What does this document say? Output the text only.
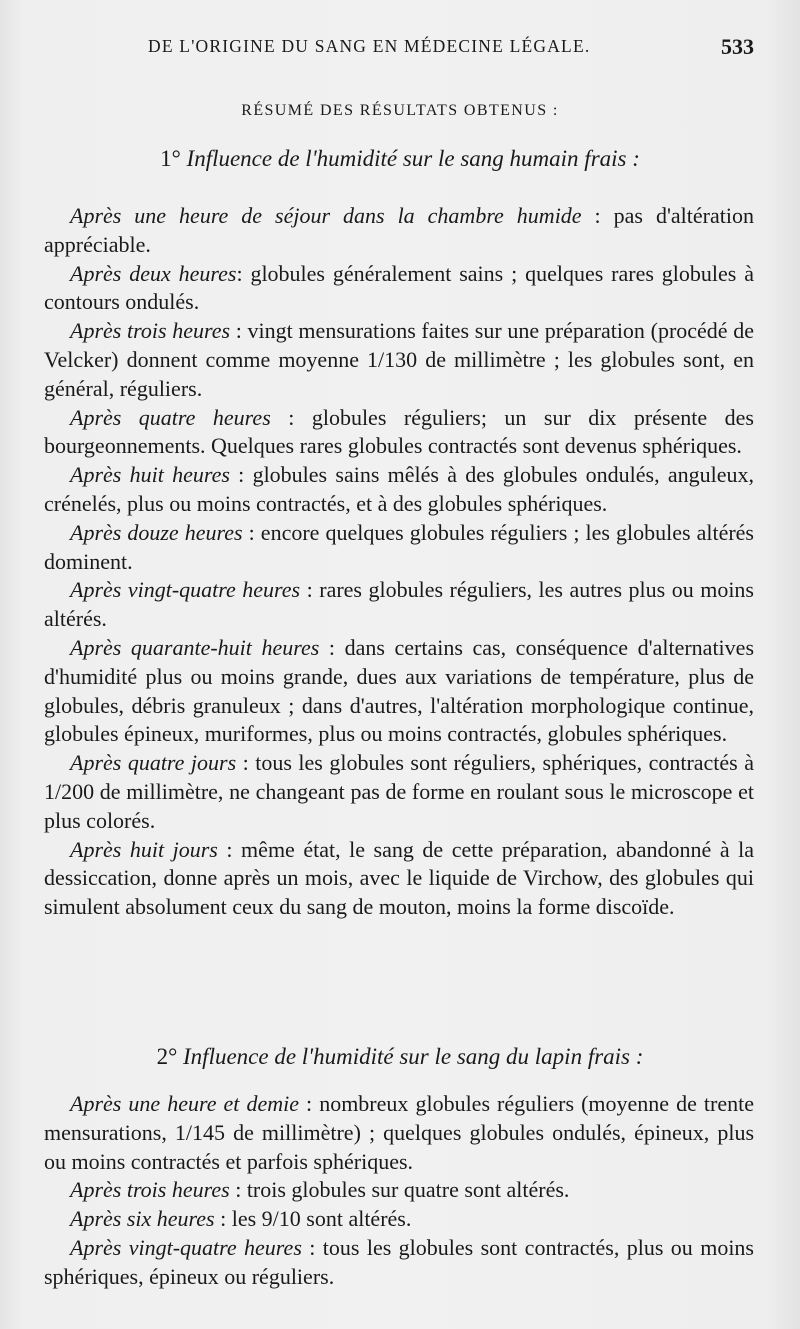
DE L'ORIGINE DU SANG EN MÉDECINE LÉGALE.	533
RÉSUMÉ DES RÉSULTATS OBTENUS :
1° Influence de l'humidité sur le sang humain frais :

Après une heure de séjour dans la chambre humide : pas d'altération appréciable.

Après deux heures: globules généralement sains ; quelques rares globules à contours ondulés.

Après trois heures : vingt mensurations faites sur une préparation (procédé de Velcker) donnent comme moyenne 1/130 de millimètre ; les globules sont, en général, réguliers.

Après quatre heures : globules réguliers; un sur dix présente des bourgeonnements. Quelques rares globules contractés sont devenus sphériques.

Après huit heures : globules sains mêlés à des globules ondulés, anguleux, crénelés, plus ou moins contractés, et à des globules sphériques.

Après douze heures : encore quelques globules réguliers ; les globules altérés dominent.

Après vingt-quatre heures : rares globules réguliers, les autres plus ou moins altérés.

Après quarante-huit heures : dans certains cas, conséquence d'alternatives d'humidité plus ou moins grande, dues aux variations de température, plus de globules, débris granuleux ; dans d'autres, l'altération morphologique continue, globules épineux, muriformes, plus ou moins contractés, globules sphériques.

Après quatre jours : tous les globules sont réguliers, sphériques, contractés à 1/200 de millimètre, ne changeant pas de forme en roulant sous le microscope et plus colorés.

Après huit jours : même état, le sang de cette préparation, abandonné à la dessiccation, donne après un mois, avec le liquide de Virchow, des globules qui simulent absolument ceux du sang de mouton, moins la forme discoïde.

2° Influence de l'humidité sur le sang du lapin frais :

Après une heure et demie : nombreux globules réguliers (moyenne de trente mensurations, 1/145 de millimètre) ; quelques globules ondulés, épineux, plus ou moins contractés et parfois sphériques.

Après trois heures : trois globules sur quatre sont altérés.

Après six heures : les 9/10 sont altérés.

Après vingt-quatre heures : tous les globules sont contractés, plus ou moins sphériques, épineux ou réguliers.
